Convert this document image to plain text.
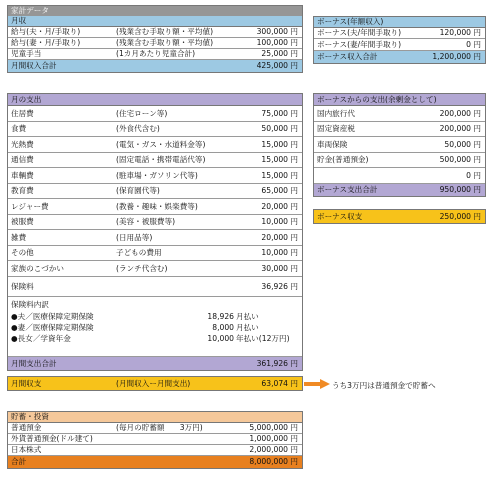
家計データ
月収
給与(夫・月/手取り)	(残業含む手取り額・平均値)	300,000 円
給与(妻・月/手取り)	(残業含む手取り額・平均値)	100,000 円
児童手当	(1カ月あたり児童合計)	25,000 円
月間収入合計	425,000 円
ボーナス(年額収入)
ボーナス(夫/年間手取り)	120,000 円
ボーナス(妻/年間手取り)	0 円
ボーナス収入合計	1,200,000 円
月の支出
住居費	(住宅ローン等)	75,000 円
食費	(外食代含む)	50,000 円
光熱費	(電気・ガス・水道料金等)	15,000 円
通信費	(固定電話・携帯電話代等)	15,000 円
車輌費	(駐車場・ガソリン代等)	15,000 円
教育費	(保育園代等)	65,000 円
レジャー費	(教養・趣味・娯楽費等)	20,000 円
被服費	(美容・被服費等)	10,000 円
雑費	(日用品等)	20,000 円
その他	子どもの費用	10,000 円
家族のこづかい	(ランチ代含む)	30,000 円
保険料	36,926 円
保険料内訳
●夫／医療保障定期保険	18,926 月払い
●妻／医療保障定期保険	8,000 月払い
●長女／学資年金	10,000 年払い(12万円)
月間支出合計	361,926 円
ボーナスからの支出(余剰金として)
国内旅行代	200,000 円
固定資産税	200,000 円
車両保険	50,000 円
貯金(普通預金)	500,000 円
0 円
ボーナス支出合計	950,000 円
ボーナス収支	250,000 円
月間収支	(月間収入ー月間支出)	63,074 円	うち3万円は普通預金で貯蓄へ
貯蓄・投資
普通預金	(毎月の貯蓄額　　3万円)	5,000,000 円
外貨普通預金(ドル建て)	1,000,000 円
日本株式	2,000,000 円
合計	8,000,000 円
